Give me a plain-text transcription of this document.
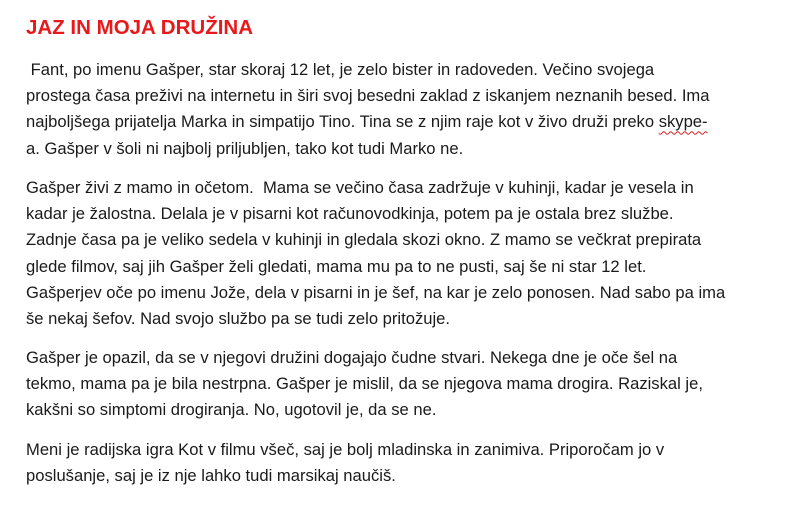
JAZ IN MOJA DRUŽINA

Fant, po imenu Gašper, star skoraj 12 let, je zelo bister in radoveden. Večino svojega
prostega časa preživi na internetu in širi svoj besedni zaklad z iskanjem neznanih besed. Ima
najboljšega prijatelja Marka in simpatijo Tino. Tina se z njim raje kot v živo druži preko skype-
a. Gašper v šoli ni najbolj priljubljen, tako kot tudi Marko ne.

Gašper živi z mamo in očetom.  Mama se večino časa zadržuje v kuhinji, kadar je vesela in
kadar je žalostna. Delala je v pisarni kot računovodkinja, potem pa je ostala brez službe.
Zadnje časa pa je veliko sedela v kuhinji in gledala skozi okno. Z mamo se večkrat prepirata
glede filmov, saj jih Gašper želi gledati, mama mu pa to ne pusti, saj še ni star 12 let.
Gašperjev oče po imenu Jože, dela v pisarni in je šef, na kar je zelo ponosen. Nad sabo pa ima
še nekaj šefov. Nad svojo službo pa se tudi zelo pritožuje.

Gašper je opazil, da se v njegovi družini dogajajo čudne stvari. Nekega dne je oče šel na
tekmo, mama pa je bila nestrpna. Gašper je mislil, da se njegova mama drogira. Raziskal je,
kakšni so simptomi drogiranja. No, ugotovil je, da se ne.

Meni je radijska igra Kot v filmu všeč, saj je bolj mladinska in zanimiva. Priporočam jo v
poslušanje, saj je iz nje lahko tudi marsikaj naučiš.
